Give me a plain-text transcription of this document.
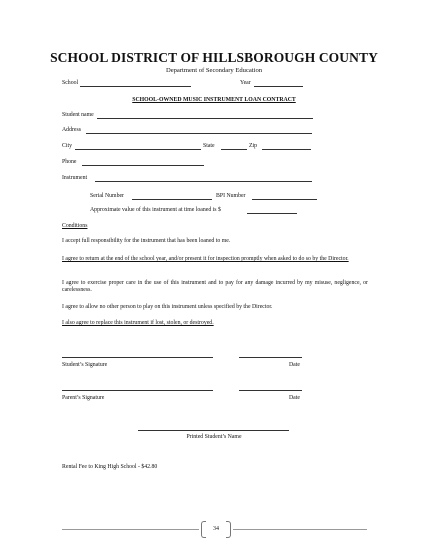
SCHOOL DISTRICT OF HILLSBOROUGH COUNTY
Department of Secondary Education
School	Year
SCHOOL-OWNED MUSIC INSTRUMENT LOAN CONTRACT
Student name
Address
City	State	Zip
Phone
Instrument
Serial Number	BPI Number
Approximate value of this instrument at time loaned is $
Conditions
I accept full responsibility for the instrument that has been loaned to me.
I agree to return at the end of the school year, and/or present it for inspection promptly when asked to do so by the Director.
I agree to exercise proper care in the use of this instrument and to pay for any damage incurred by my misuse, negligence, or carelessness.
I agree to allow no other person to play on this instrument unless specified by the Director.
I also agree to replace this instrument if lost, stolen, or destroyed.
Student’s Signature	Date
Parent’s Signature	Date
Printed Student’s Name
Rental Fee to King High School - $42.80
34
